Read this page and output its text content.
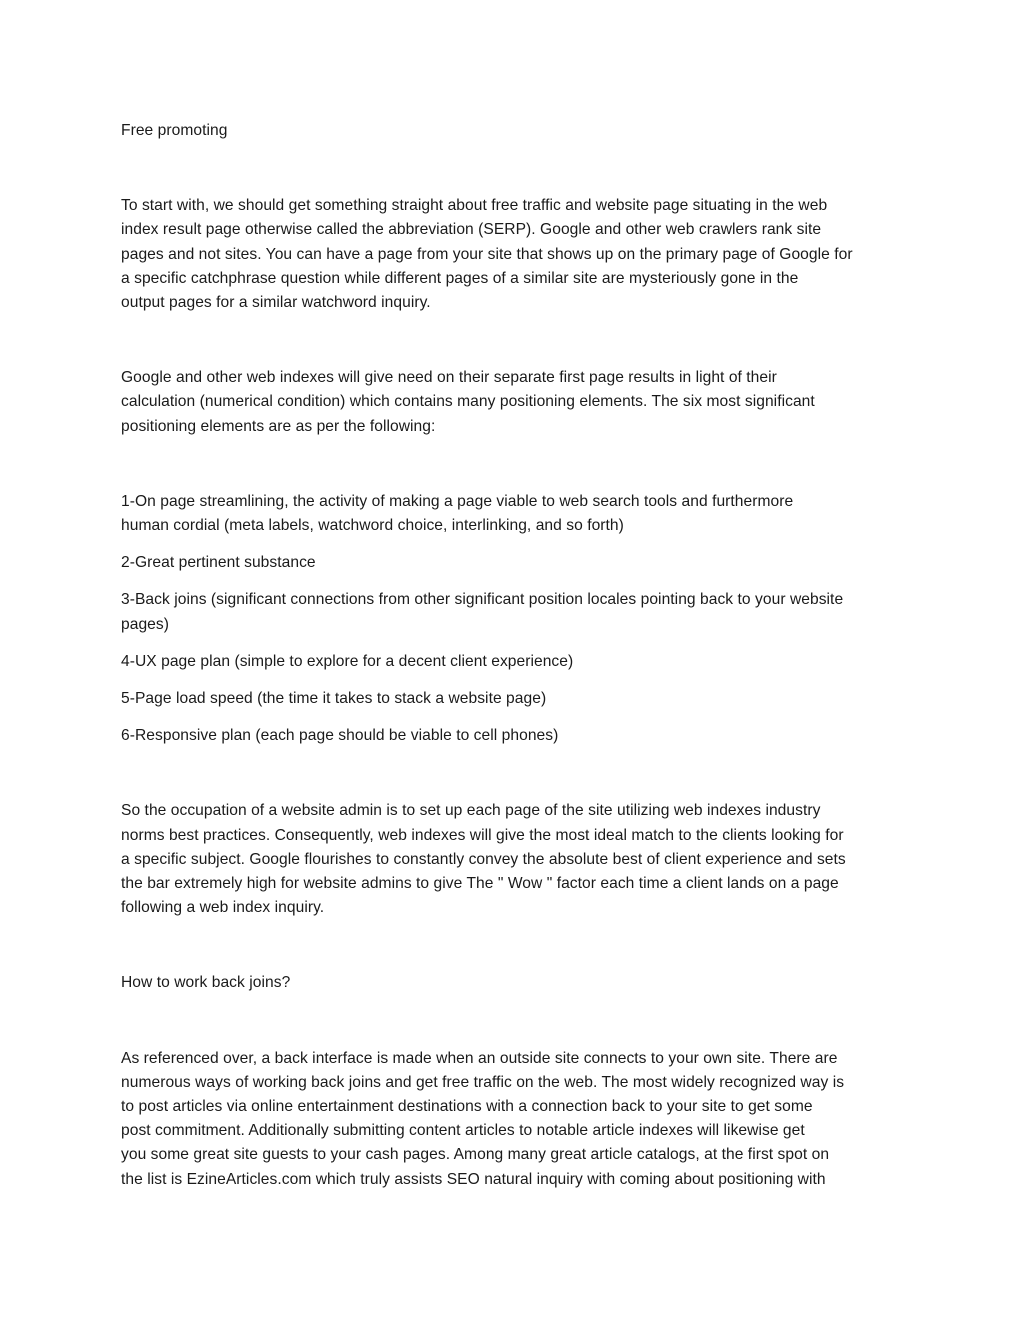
Free promoting

To start with, we should get something straight about free traffic and website page situating in the web

index result page otherwise called the abbreviation (SERP). Google and other web crawlers rank site

pages and not sites. You can have a page from your site that shows up on the primary page of Google for

a specific catchphrase question while different pages of a similar site are mysteriously gone in the

output pages for a similar watchword inquiry.

Google and other web indexes will give need on their separate first page results in light of their

calculation (numerical condition) which contains many positioning elements. The six most significant

positioning elements are as per the following:

1-On page streamlining, the activity of making a page viable to web search tools and furthermore

human cordial (meta labels, watchword choice, interlinking, and so forth)

2-Great pertinent substance

3-Back joins (significant connections from other significant position locales pointing back to your website

pages)

4-UX page plan (simple to explore for a decent client experience)

5-Page load speed (the time it takes to stack a website page)

6-Responsive plan (each page should be viable to cell phones)

So the occupation of a website admin is to set up each page of the site utilizing web indexes industry

norms best practices. Consequently, web indexes will give the most ideal match to the clients looking for

a specific subject. Google flourishes to constantly convey the absolute best of client experience and sets

the bar extremely high for website admins to give The " Wow " factor each time a client lands on a page

following a web index inquiry.

How to work back joins?

As referenced over, a back interface is made when an outside site connects to your own site. There are

numerous ways of working back joins and get free traffic on the web. The most widely recognized way is

to post articles via online entertainment destinations with a connection back to your site to get some

post commitment. Additionally submitting content articles to notable article indexes will likewise get

you some great site guests to your cash pages. Among many great article catalogs, at the first spot on

the list is EzineArticles.com which truly assists SEO natural inquiry with coming about positioning with
